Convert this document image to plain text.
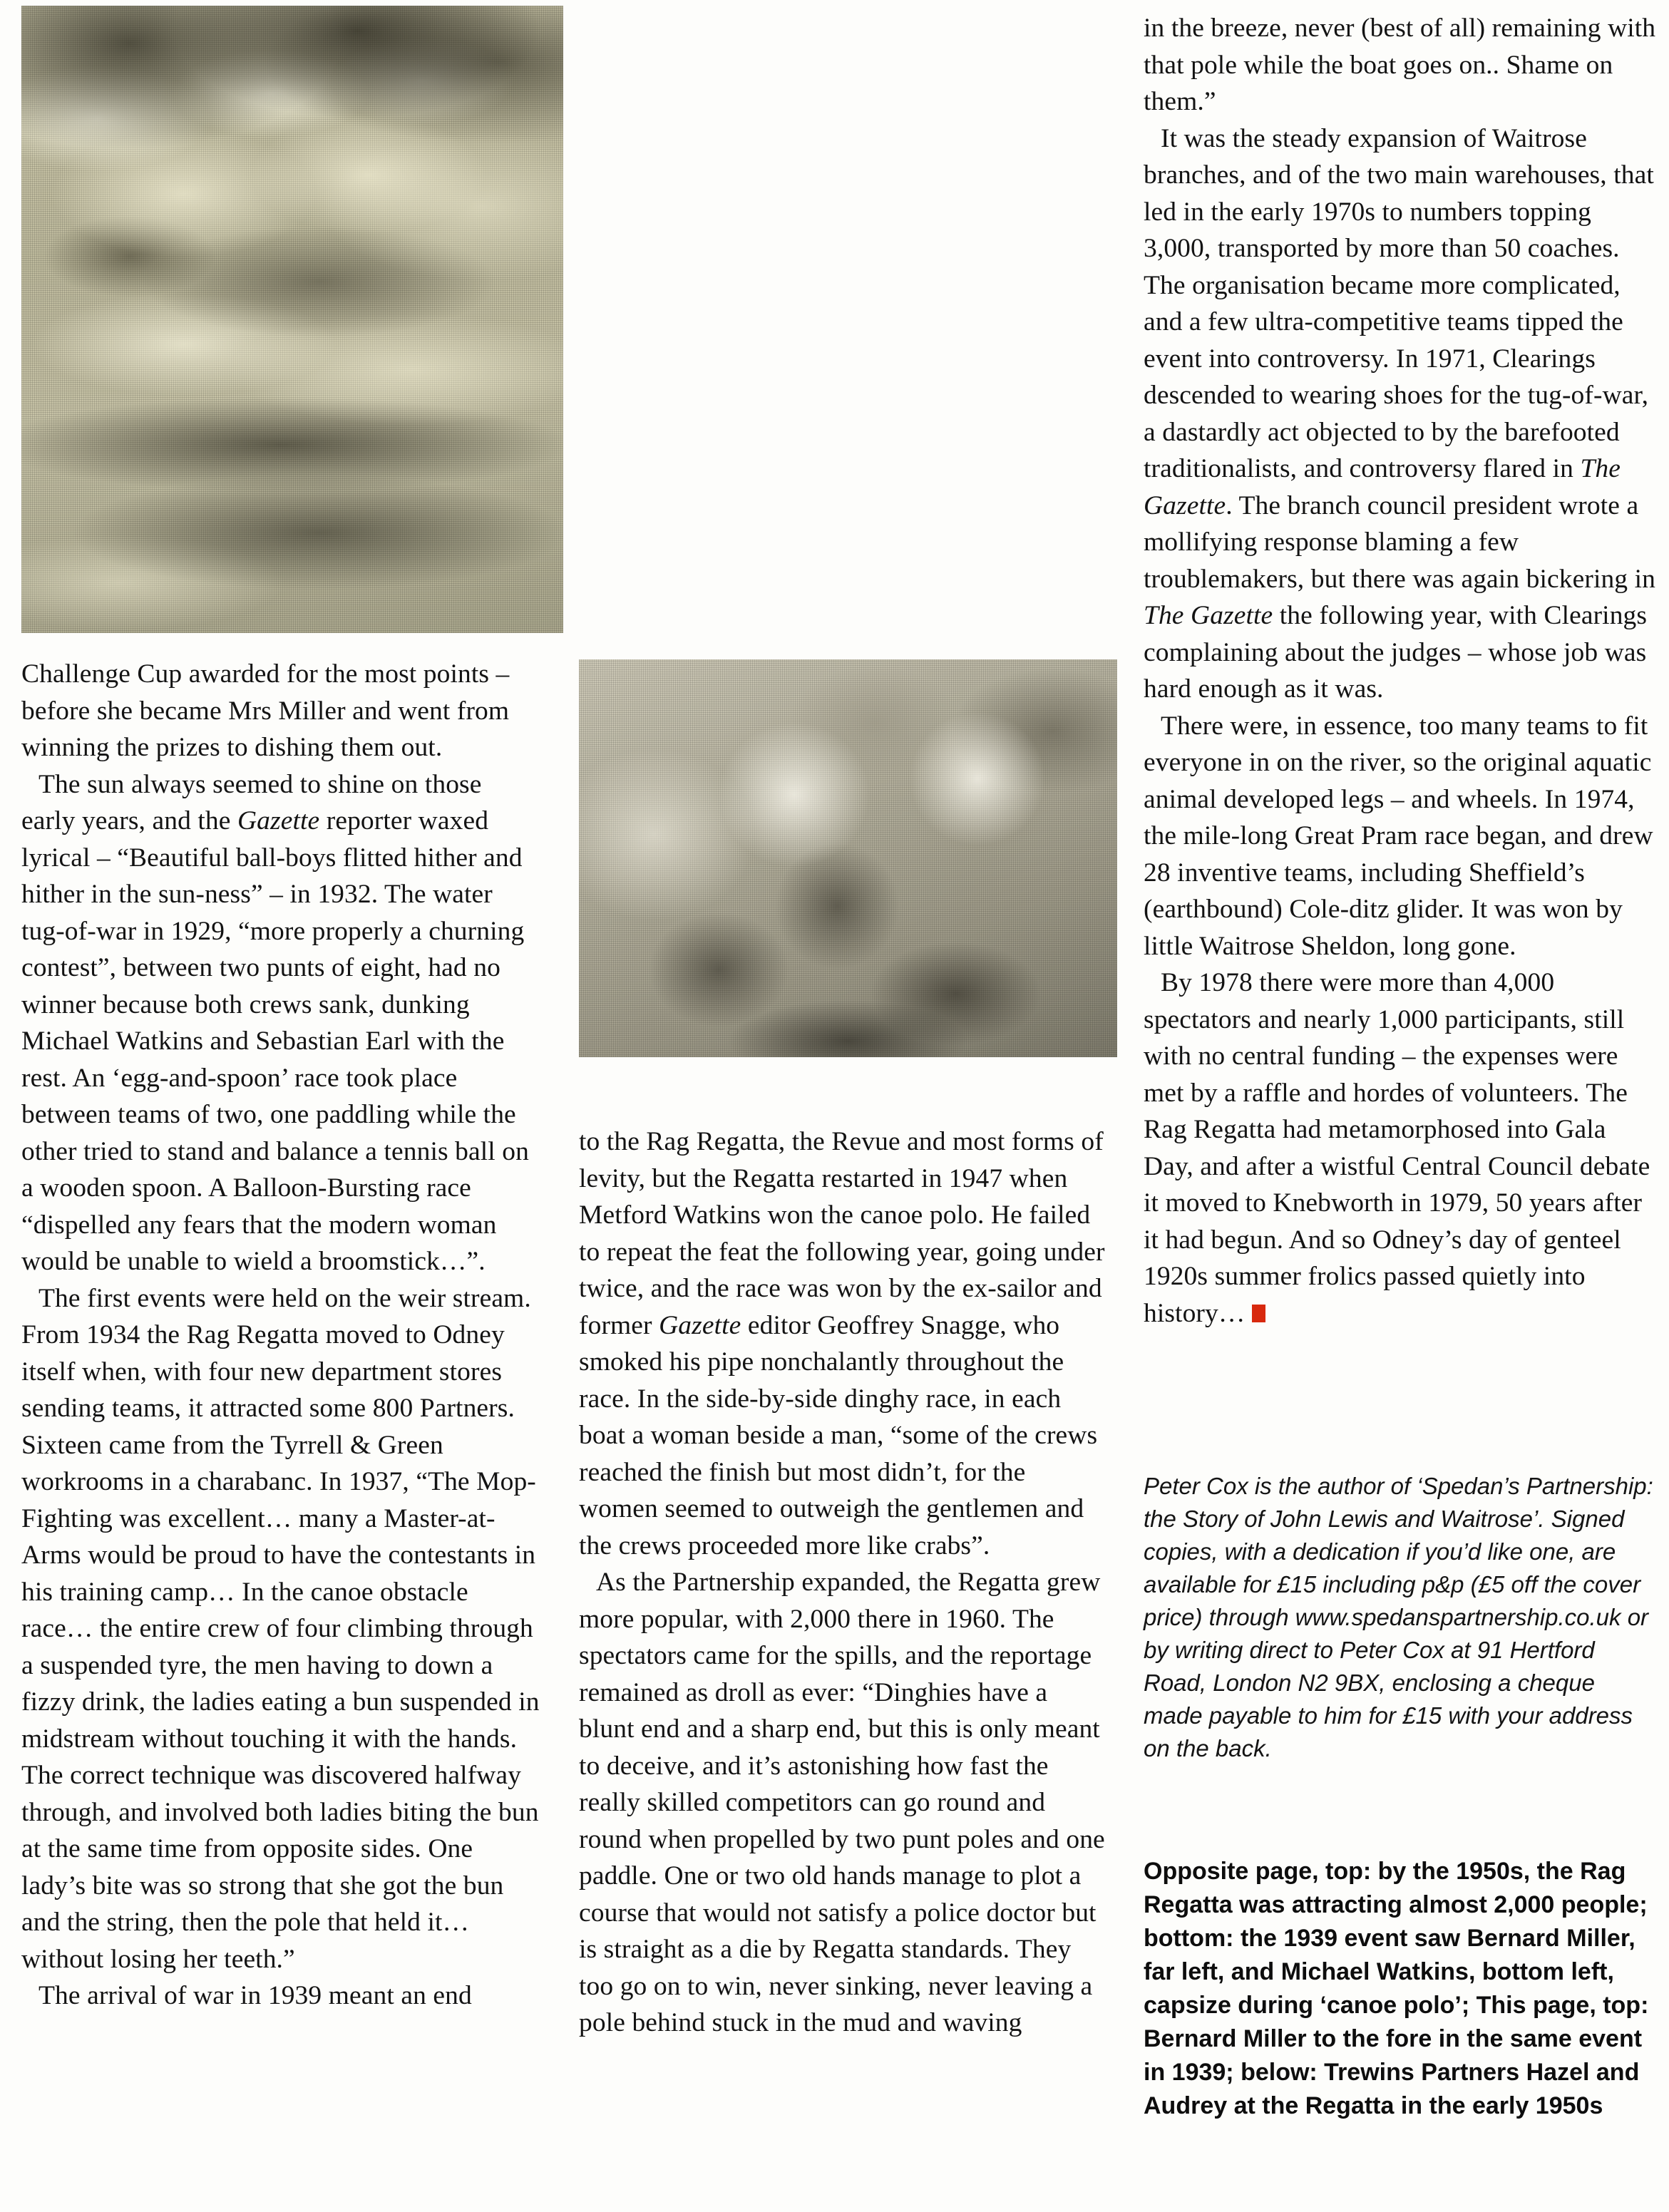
Challenge Cup awarded for the most points – before she became Mrs Miller and went from winning the prizes to dishing them out.

The sun always seemed to shine on those early years, and the Gazette reporter waxed lyrical – “Beautiful ball-boys flitted hither and hither in the sun-ness” – in 1932. The water tug-of-war in 1929, “more properly a churning contest”, between two punts of eight, had no winner because both crews sank, dunking Michael Watkins and Sebastian Earl with the rest. An ‘egg-and-spoon’ race took place between teams of two, one paddling while the other tried to stand and balance a tennis ball on a wooden spoon. A Balloon-Bursting race “dispelled any fears that the modern woman would be unable to wield a broomstick…”.

The first events were held on the weir stream. From 1934 the Rag Regatta moved to Odney itself when, with four new department stores sending teams, it attracted some 800 Partners. Sixteen came from the Tyrrell & Green workrooms in a charabanc. In 1937, “The Mop-Fighting was excellent… many a Master-at-Arms would be proud to have the contestants in his training camp… In the canoe obstacle race… the entire crew of four climbing through a suspended tyre, the men having to down a fizzy drink, the ladies eating a bun suspended in midstream without touching it with the hands. The correct technique was discovered halfway through, and involved both ladies biting the bun at the same time from opposite sides. One lady’s bite was so strong that she got the bun and the string, then the pole that held it… without losing her teeth.”

The arrival of war in 1939 meant an end

to the Rag Regatta, the Revue and most forms of levity, but the Regatta restarted in 1947 when Metford Watkins won the canoe polo. He failed to repeat the feat the following year, going under twice, and the race was won by the ex-sailor and former Gazette editor Geoffrey Snagge, who smoked his pipe nonchalantly throughout the race. In the side-by-side dinghy race, in each boat a woman beside a man, “some of the crews reached the finish but most didn’t, for the women seemed to outweigh the gentlemen and the crews proceeded more like crabs”.

As the Partnership expanded, the Regatta grew more popular, with 2,000 there in 1960. The spectators came for the spills, and the reportage remained as droll as ever: “Dinghies have a blunt end and a sharp end, but this is only meant to deceive, and it’s astonishing how fast the really skilled competitors can go round and round when propelled by two punt poles and one paddle. One or two old hands manage to plot a course that would not satisfy a police doctor but is straight as a die by Regatta standards. They too go on to win, never sinking, never leaving a pole behind stuck in the mud and waving

in the breeze, never (best of all) remaining with that pole while the boat goes on.. Shame on them.”

It was the steady expansion of Waitrose branches, and of the two main warehouses, that led in the early 1970s to numbers topping 3,000, transported by more than 50 coaches. The organisation became more complicated, and a few ultra-competitive teams tipped the event into controversy. In 1971, Clearings descended to wearing shoes for the tug-of-war, a dastardly act objected to by the barefooted traditionalists, and controversy flared in The Gazette. The branch council president wrote a mollifying response blaming a few troublemakers, but there was again bickering in The Gazette the following year, with Clearings complaining about the judges – whose job was hard enough as it was.

There were, in essence, too many teams to fit everyone in on the river, so the original aquatic animal developed legs – and wheels. In 1974, the mile-long Great Pram race began, and drew 28 inventive teams, including Sheffield’s (earthbound) Cole-ditz glider. It was won by little Waitrose Sheldon, long gone.

By 1978 there were more than 4,000 spectators and nearly 1,000 participants, still with no central funding – the expenses were met by a raffle and hordes of volunteers. The Rag Regatta had metamorphosed into Gala Day, and after a wistful Central Council debate it moved to Knebworth in 1979, 50 years after it had begun. And so Odney’s day of genteel 1920s summer frolics passed quietly into history…

Peter Cox is the author of ‘Spedan’s Partnership: the Story of John Lewis and Waitrose’. Signed copies, with a dedication if you’d like one, are available for £15 including p&p (£5 off the cover price) through www.spedanspartnership.co.uk or by writing direct to Peter Cox at 91 Hertford Road, London N2 9BX, enclosing a cheque made payable to him for £15 with your address on the back.

Opposite page, top: by the 1950s, the Rag Regatta was attracting almost 2,000 people; bottom: the 1939 event saw Bernard Miller, far left, and Michael Watkins, bottom left, capsize during ‘canoe polo’; This page, top: Bernard Miller to the fore in the same event in 1939; below: Trewins Partners Hazel and Audrey at the Regatta in the early 1950s
